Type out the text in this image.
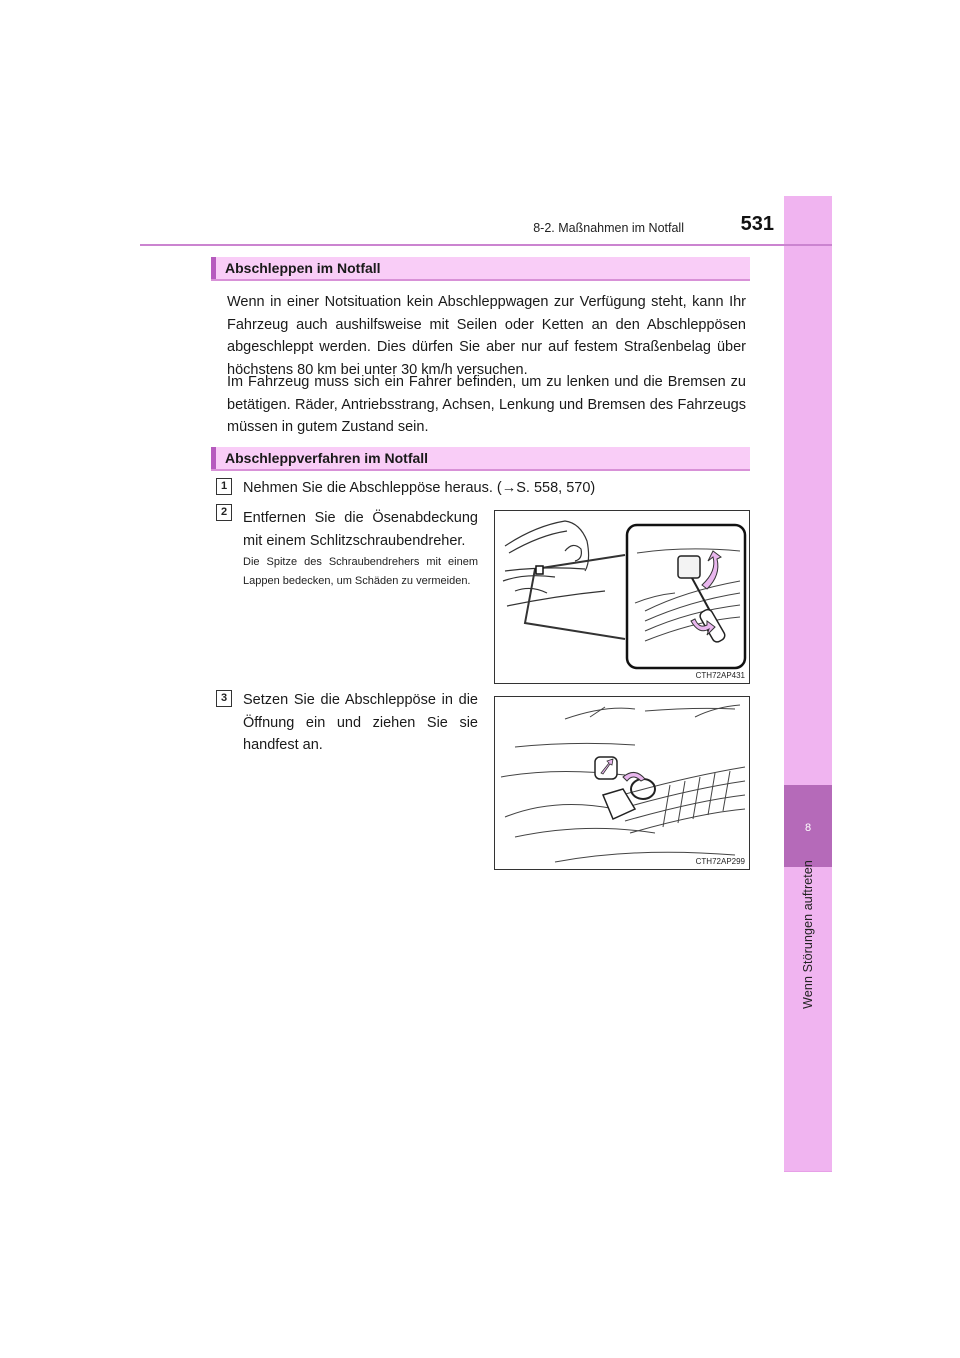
8
Wenn Störungen auftreten
8-2. Maßnahmen im Notfall	531
Abschleppen im Notfall

Wenn in einer Notsituation kein Abschleppwagen zur Verfügung steht, kann Ihr Fahrzeug auch aushilfsweise mit Seilen oder Ketten an den Abschleppösen abgeschleppt werden. Dies dürfen Sie aber nur auf festem Straßenbelag über höchstens 80 km bei unter 30 km/h versuchen.

Im Fahrzeug muss sich ein Fahrer befinden, um zu lenken und die Bremsen zu betätigen. Räder, Antriebsstrang, Achsen, Lenkung und Bremsen des Fahrzeugs müssen in gutem Zustand sein.

Abschleppverfahren im Notfall
1	Nehmen Sie die Abschleppöse heraus. (→S. 558, 570)

2	Entfernen Sie die Ösenabdeckung mit einem Schlitzschraubendreher.

Die Spitze des Schraubendrehers mit einem Lappen bedecken, um Schäden zu vermeiden.

CTH72AP431
3	Setzen Sie die Abschleppöse in die Öffnung ein und ziehen Sie sie handfest an.

CTH72AP299
